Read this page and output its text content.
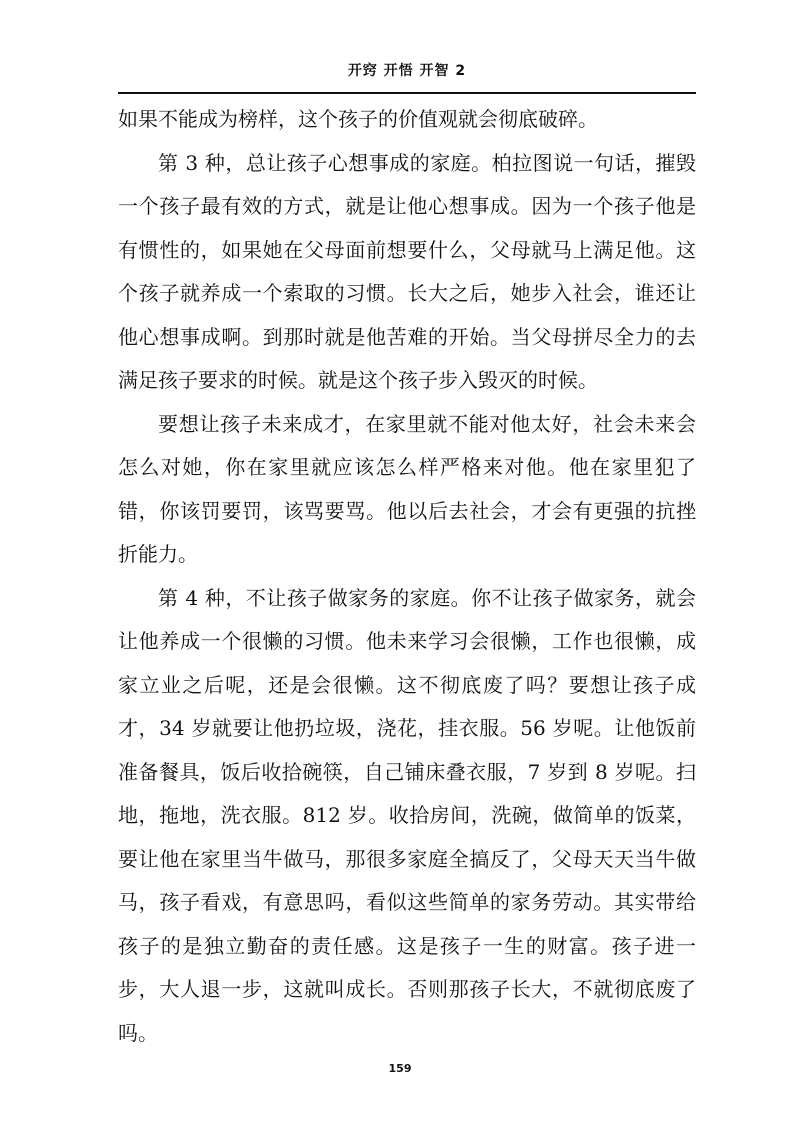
开窍 开悟 开智 2

如果不能成为榜样，这个孩子的价值观就会彻底破碎。

第 3 种，总让孩子心想事成的家庭。柏拉图说一句话，摧毁一个孩子最有效的方式，就是让他心想事成。因为一个孩子他是有惯性的，如果她在父母面前想要什么，父母就马上满足他。这个孩子就养成一个索取的习惯。长大之后，她步入社会，谁还让他心想事成啊。到那时就是他苦难的开始。当父母拼尽全力的去满足孩子要求的时候。就是这个孩子步入毁灭的时候。

要想让孩子未来成才，在家里就不能对他太好，社会未来会怎么对她，你在家里就应该怎么样严格来对他。他在家里犯了错，你该罚要罚，该骂要骂。他以后去社会，才会有更强的抗挫折能力。

第 4 种，不让孩子做家务的家庭。你不让孩子做家务，就会让他养成一个很懒的习惯。他未来学习会很懒，工作也很懒，成家立业之后呢，还是会很懒。这不彻底废了吗？要想让孩子成才，34 岁就要让他扔垃圾，浇花，挂衣服。56 岁呢。让他饭前准备餐具，饭后收拾碗筷，自己铺床叠衣服，7 岁到 8 岁呢。扫地，拖地，洗衣服。812 岁。收拾房间，洗碗，做简单的饭菜，要让他在家里当牛做马，那很多家庭全搞反了，父母天天当牛做马，孩子看戏，有意思吗，看似这些简单的家务劳动。其实带给孩子的是独立勤奋的责任感。这是孩子一生的财富。孩子进一步，大人退一步，这就叫成长。否则那孩子长大，不就彻底废了吗。

159
